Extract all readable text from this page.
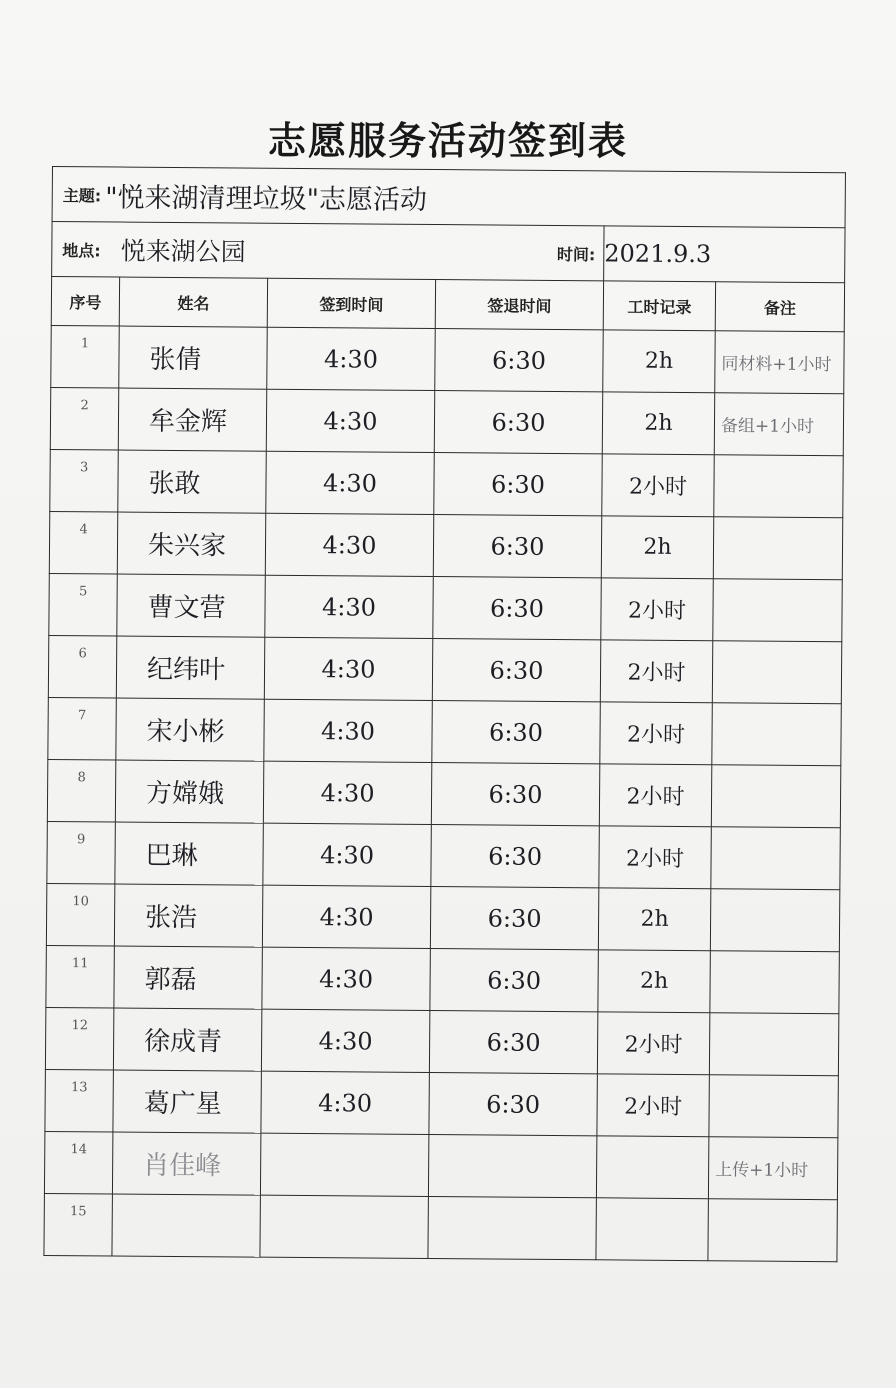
志愿服务活动签到表
主题: "悦来湖清理垃圾"志愿活动					

地点: 悦来湖公园 时间:				2021.9.3	

序号	姓名	签到时间	签退时间	工时记录	备注
1	张倩	4:30	6:30	2h	同材料+1小时
2	牟金辉	4:30	6:30	2h	备组+1小时
3	张敢	4:30	6:30	2小时	
4	朱兴家	4:30	6:30	2h	
5	曹文营	4:30	6:30	2小时	
6	纪纬叶	4:30	6:30	2小时	
7	宋小彬	4:30	6:30	2小时	
8	方嫦娥	4:30	6:30	2小时	
9	巴琳	4:30	6:30	2小时	
10	张浩	4:30	6:30	2h	
11	郭磊	4:30	6:30	2h	
12	徐成青	4:30	6:30	2小时	
13	葛广星	4:30	6:30	2小时	
14	肖佳峰				上传+1小时
15					
